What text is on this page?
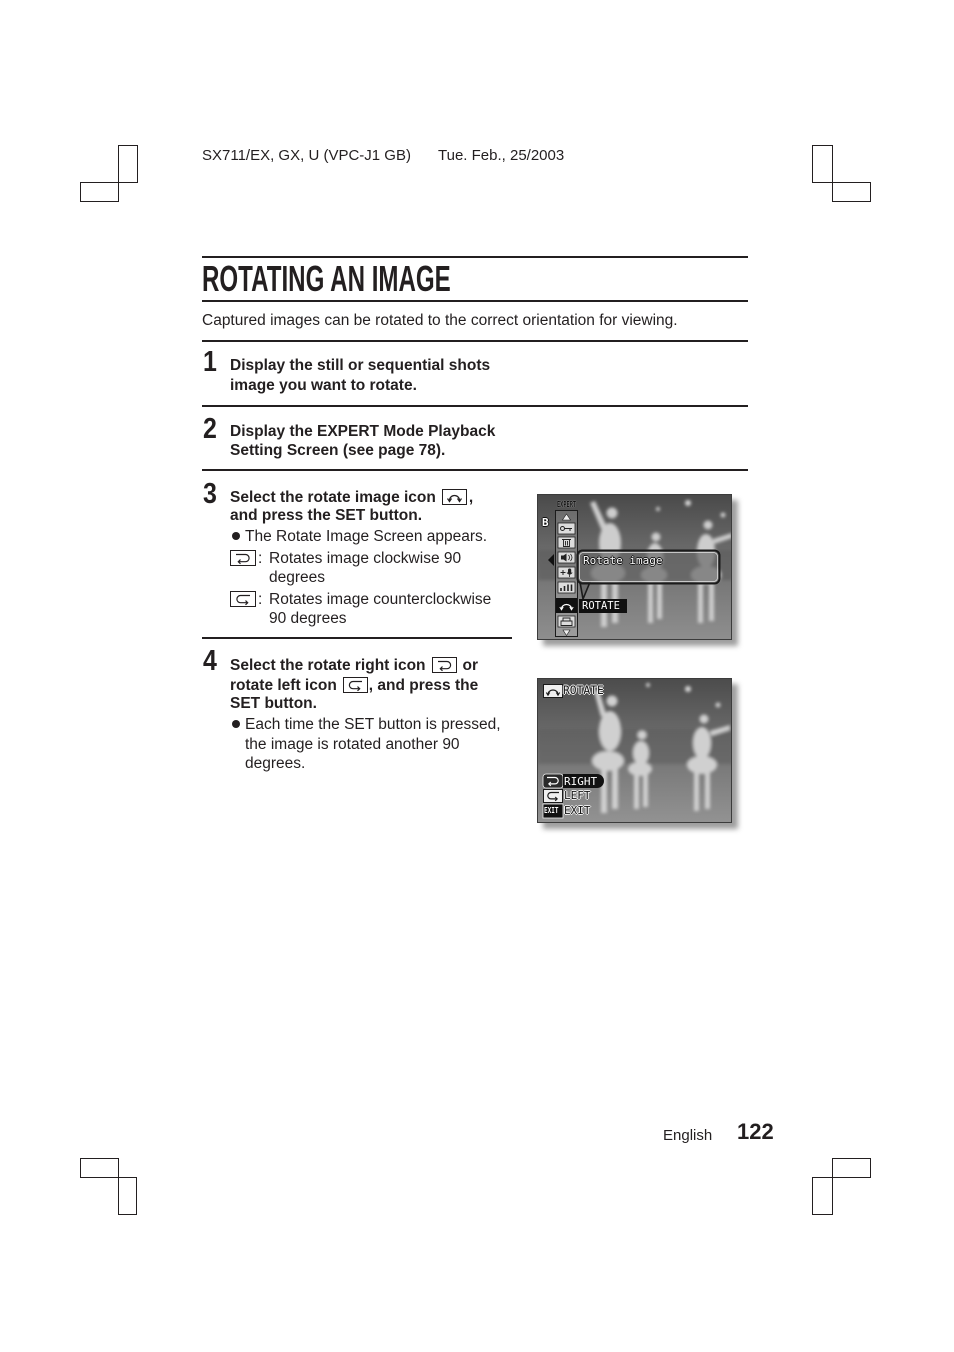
SX711/EX, GX, U (VPC-J1 GB) Tue. Feb., 25/2003
ROTATING AN IMAGE
Captured images can be rotated to the correct orientation for viewing.
1 Display the still or sequential shots
image you want to rotate.
2 Display the EXPERT Mode Playback
Setting Screen (see page 78).
3 Select the rotate image icon ,
and press the SET button.
The Rotate Image Screen appears.
: Rotates image clockwise 90
degrees
: Rotates image counterclockwise
90 degrees
4 Select the rotate right icon or
rotate left icon , and press the
SET button.
Each time the SET button is pressed,
the image is rotated another 90
degrees.
EXPERT
B
Rotate image
ROTATE
ROTATE
RIGHT
LEFT
EXIT EXIT
English 122
